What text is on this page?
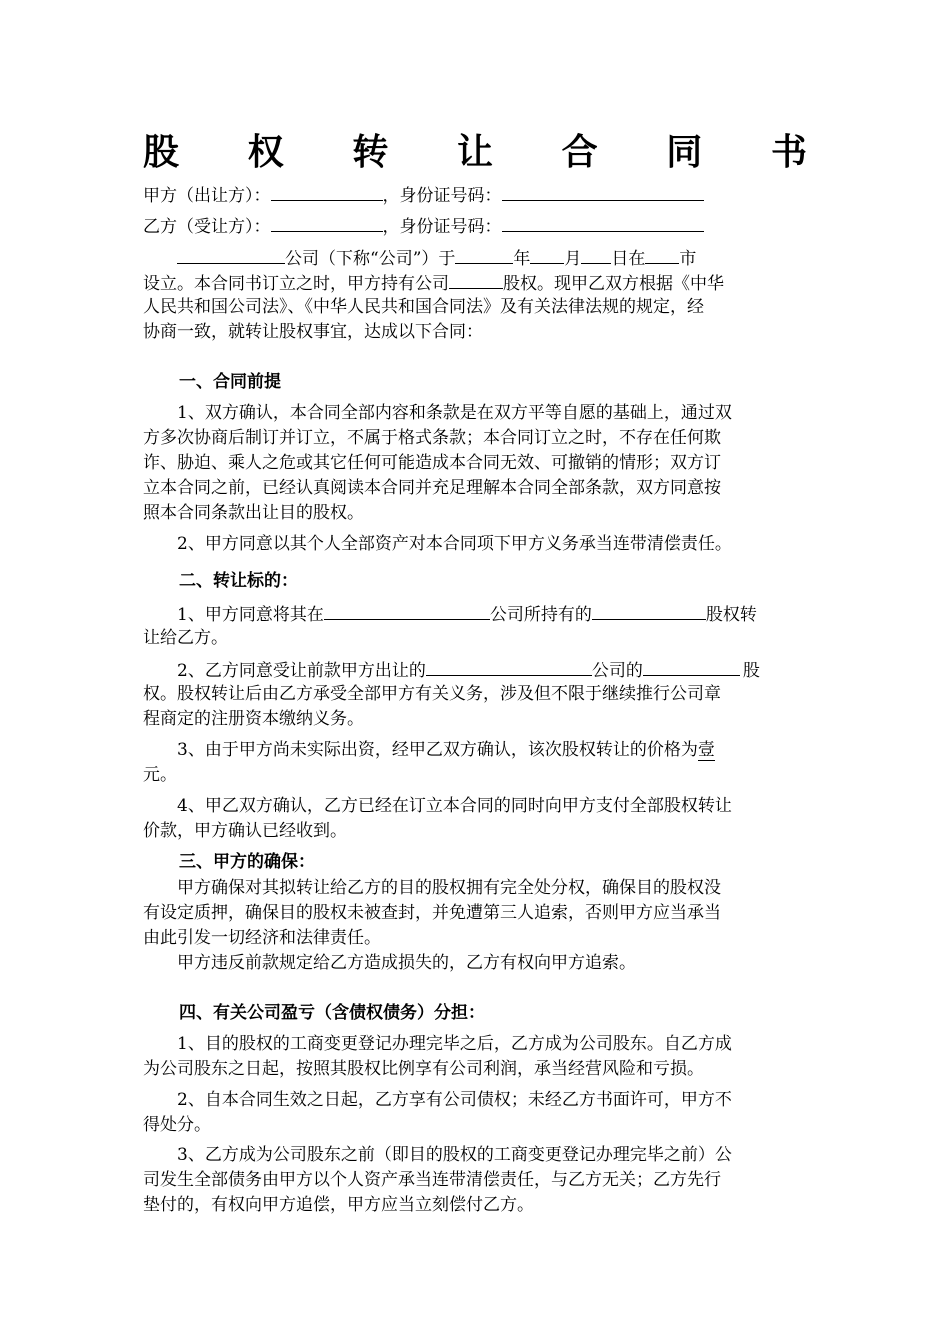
股 权 转 让 合 同 书
甲方（出让方）：	，身份证号码：
乙方（受让方）：	，身份证号码：
公司（下称“公司”）于	年 月 日在 市
设立。本合同书订立之时，甲方持有公司	股权。现甲乙双方根据《中华
人民共和国公司法》、《中华人民共和国合同法》及有关法律法规的规定，经
协商一致，就转让股权事宜，达成以下合同：
一、合同前提
1、双方确认，本合同全部内容和条款是在双方平等自愿的基础上，通过双
方多次协商后制订并订立，不属于格式条款；本合同订立之时，不存在任何欺
诈、胁迫、乘人之危或其它任何可能造成本合同无效、可撤销的情形；双方订
立本合同之前，已经认真阅读本合同并充足理解本合同全部条款，双方同意按
照本合同条款出让目的股权。
2、甲方同意以其个人全部资产对本合同项下甲方义务承当连带清偿责任。
二、转让标的：
1、甲方同意将其在	公司所持有的	股权转
让给乙方。
2、乙方同意受让前款甲方出让的	公司的	股
权。股权转让后由乙方承受全部甲方有关义务，涉及但不限于继续推行公司章
程商定的注册资本缴纳义务。
3、由于甲方尚未实际出资，经甲乙双方确认，该次股权转让的价格为壹
元。
4、甲乙双方确认，乙方已经在订立本合同的同时向甲方支付全部股权转让
价款，甲方确认已经收到。
三、甲方的确保：
甲方确保对其拟转让给乙方的目的股权拥有完全处分权，确保目的股权没
有设定质押，确保目的股权未被查封，并免遭第三人追索，否则甲方应当承当
由此引发一切经济和法律责任。
甲方违反前款规定给乙方造成损失的，乙方有权向甲方追索。
四、有关公司盈亏（含债权债务）分担：
1、目的股权的工商变更登记办理完毕之后，乙方成为公司股东。自乙方成
为公司股东之日起，按照其股权比例享有公司利润，承当经营风险和亏损。
2、自本合同生效之日起，乙方享有公司债权；未经乙方书面许可，甲方不
得处分。
3、乙方成为公司股东之前（即目的股权的工商变更登记办理完毕之前）公
司发生全部债务由甲方以个人资产承当连带清偿责任，与乙方无关；乙方先行
垫付的，有权向甲方追偿，甲方应当立刻偿付乙方。
